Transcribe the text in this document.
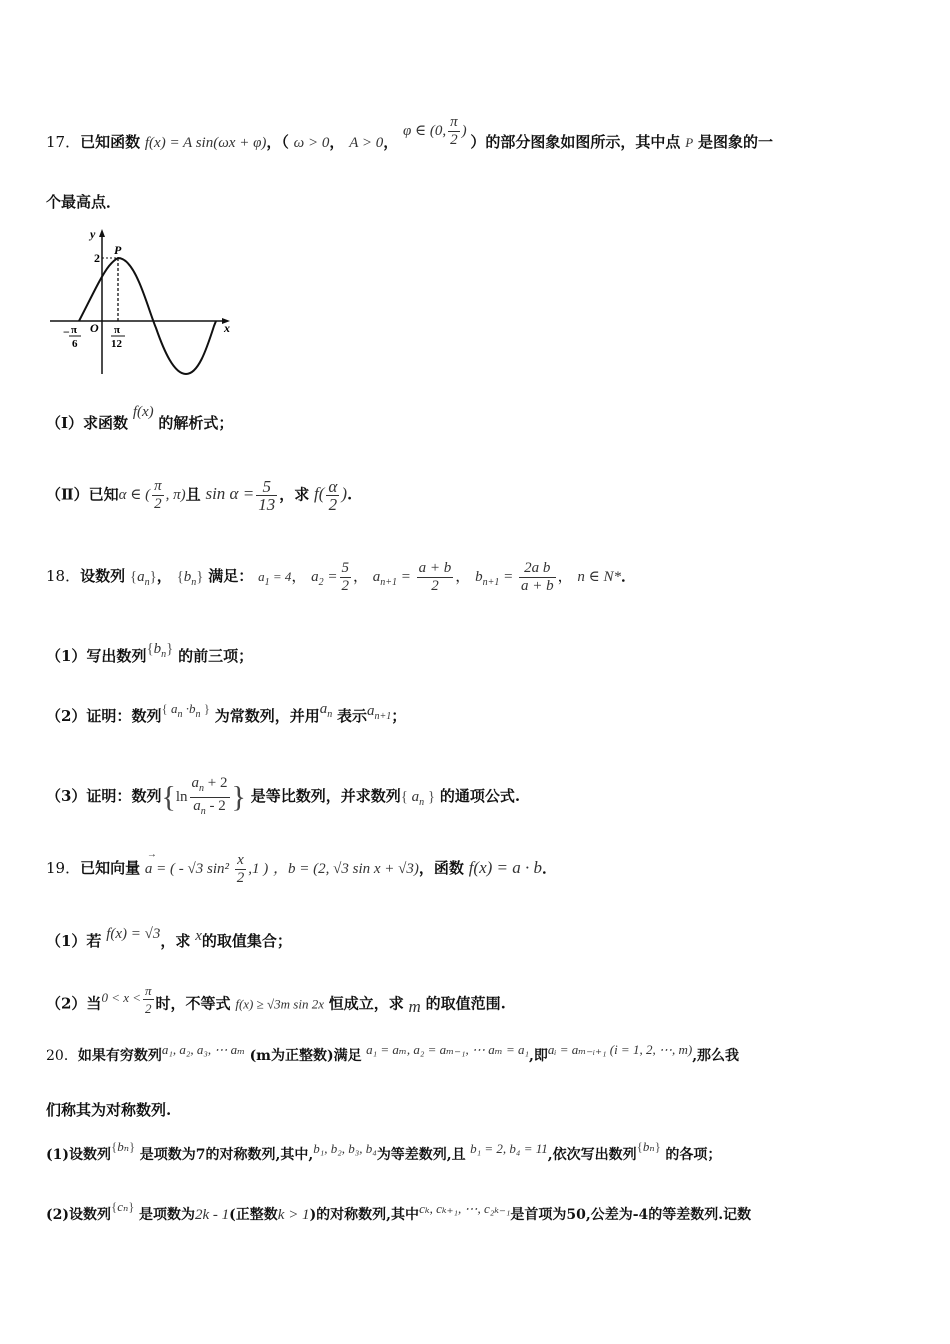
17．已知函数 f(x) = A sin(ωx + φ)，（ ω > 0， A > 0， φ ∈ (0, $\frac{\pi}{2}$ ) ）的部分图象如图所示，其中点 P 是图象的一
个最高点．
y
x
P
2
O
− π
6
π
12
（Ⅰ）求函数 f(x) 的解析式；
（Ⅱ）已知α ∈ ( $\frac{\pi}{2}$ , π)且 $\sin \alpha = \frac{5}{13}$ ，求 $f( \frac{\alpha}{2}$ ).
18．设数列 $\{a_n\}$， $\{b_n\}$ 满足： $a_1 = 4$， $a_2 = \frac{5}{2}$ ， $a_{n+1} = \frac{a + b}{2}$ ， $b_{n+1} = \frac{\text{2a b}}{a + b}$ ， n ∈ N*．
（1）写出数列$\{b_n\}$ 的前三项；
（2）证明：数列{ $a_n \cdot b_n$ } 为常数列，并用$a_n$ 表示$a_{n+1}$；
（3）证明：数列{$\ln \frac{a_n + 2}{a_n - 2}$ } 是等比数列，并求数列{ $a_n$ } 的通项公式.
19．已知向量
→
a = ( - √3 $\sin^2 \frac{x}{2} ,1$ ) ，b = (2, √3 sin x + √3)，函数 f(x) = a · b．
（1）若 f(x) = √3，求 x的取值集合；
（2）当$0 < x < \frac{\pi}{2}$ 时，不等式 f(x) ≥ √3m sin 2x 恒成立，求 m 的取值范围.
20．如果有穷数列a₁, a₂, a₃, ⋯ aₘ (m为正整数)满足 a₁ = aₘ, a₂ = aₘ₋₁, ⋯ aₘ = a₁,即aᵢ = aₘ₋ᵢ₊₁ (i = 1, 2, ⋯, m),那么我
们称其为对称数列.
(1)设数列{bₙ} 是项数为7的对称数列,其中,b₁, b₂, b₃, b₄为等差数列,且 b₁ = 2, b₄ = 11,依次写出数列{bₙ} 的各项；
(2)设数列{cₙ} 是项数为2k - 1(正整数k > 1)的对称数列,其中cₖ, cₖ₊₁, ⋯, c₂ₖ₋₁是首项为50,公差为-4的等差数列.记数
